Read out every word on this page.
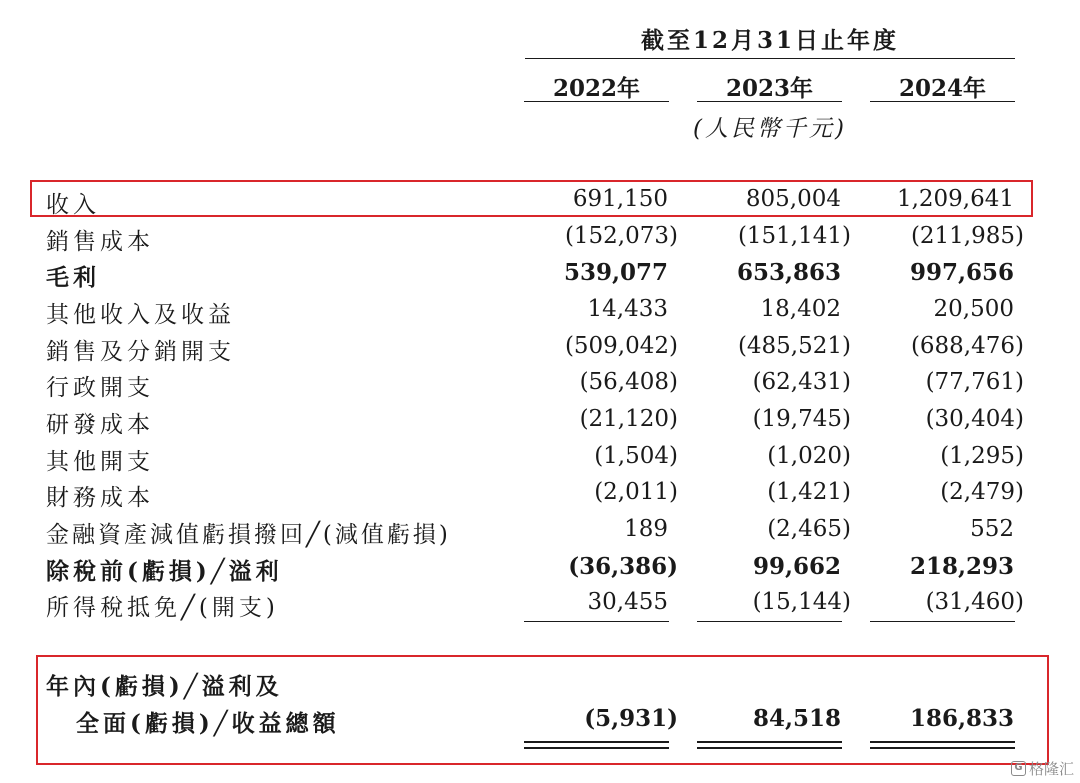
截至12月31日止年度
2022年	2023年	2024年
(人民幣千元)
收入	691,150	805,004	1,209,641
銷售成本	(152,073)	(151,141)	(211,985)
毛利	539,077	653,863	997,656
其他收入及收益	14,433	18,402	20,500
銷售及分銷開支	(509,042)	(485,521)	(688,476)
行政開支	(56,408)	(62,431)	(77,761)
研發成本	(21,120)	(19,745)	(30,404)
其他開支	(1,504)	(1,020)	(1,295)
財務成本	(2,011)	(1,421)	(2,479)
金融資產減值虧損撥回╱(減值虧損)	189	(2,465)	552
除稅前(虧損)╱溢利	(36,386)	99,662	218,293
所得稅抵免╱(開支)	30,455	(15,144)	(31,460)
年內(虧損)╱溢利及
全面(虧損)╱收益總額	(5,931)	84,518	186,833
G 格隆汇
